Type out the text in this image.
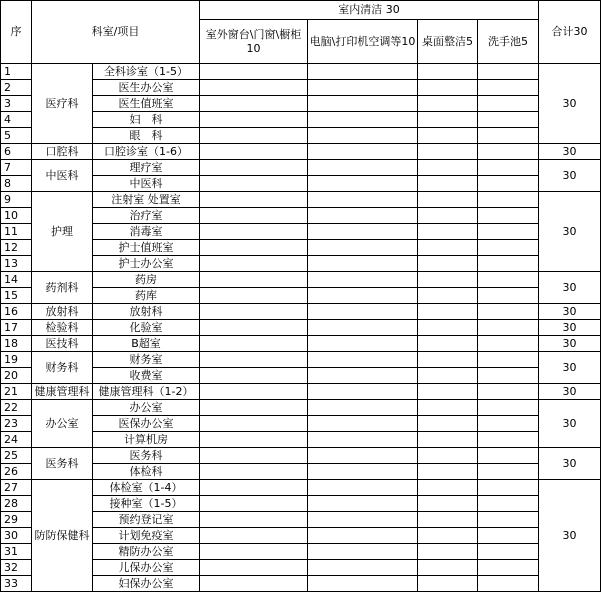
序	科室/项目		室内清洁 30				合计30
			室外窗台\门窗\橱柜10	电脑\打印机空调等10	桌面整洁5	洗手池5	
1	医疗科	全科诊室（1-5）					30
2		医生办公室					
3		医生值班室					
4		妇　科					
5		眼　科					
6	口腔科	口腔诊室（1-6）					30
7	中医科	理疗室					30
8		中医科					
9	护理	注射室 处置室					30
10		治疗室					
11		消毒室					
12		护士值班室					
13		护士办公室					
14	药剂科	药房					30
15		药库					
16	放射科	放射科					30
17	检验科	化验室					30
18	医技科	B超室					30
19	财务科	财务室					30
20		收费室					
21	健康管理科	健康管理科（1-2）					30
22	办公室	办公室					30
23		医保办公室					
24		计算机房					
25	医务科	医务科					30
26		体检科					
27	防防保健科	体检室（1-4）					30
28		接种室（1-5）					
29		预约登记室					
30		计划免疫室					
31		精防办公室					
32		儿保办公室					
33		妇保办公室					
